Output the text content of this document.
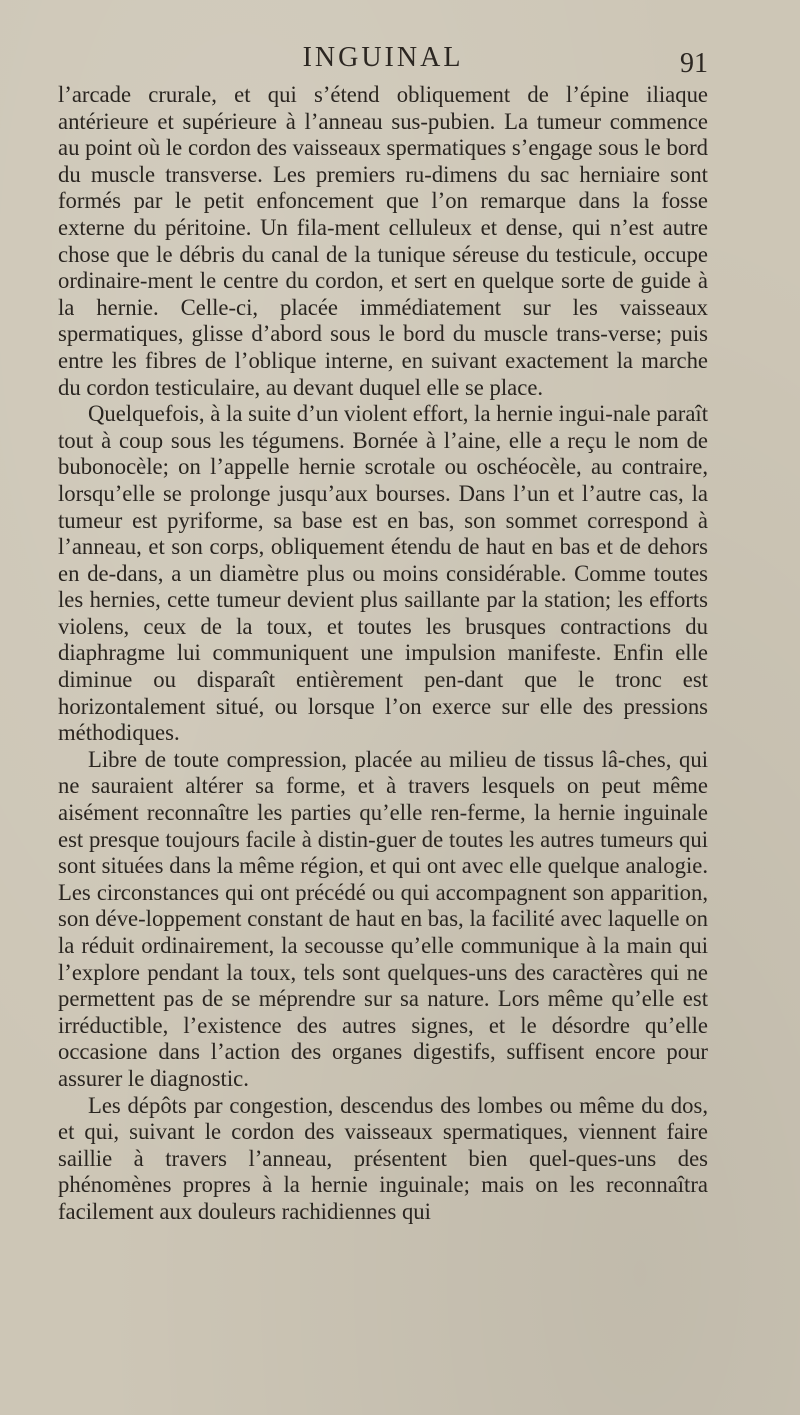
INGUINAL	91

l’arcade crurale, et qui s’étend obliquement de l’épine iliaque antérieure et supérieure à l’anneau sus-pubien. La tumeur commence au point où le cordon des vaisseaux spermatiques s’engage sous le bord du muscle transverse. Les premiers ru-dimens du sac herniaire sont formés par le petit enfoncement que l’on remarque dans la fosse externe du péritoine. Un fila-ment celluleux et dense, qui n’est autre chose que le débris du canal de la tunique séreuse du testicule, occupe ordinaire-ment le centre du cordon, et sert en quelque sorte de guide à la hernie. Celle-ci, placée immédiatement sur les vaisseaux spermatiques, glisse d’abord sous le bord du muscle trans-verse; puis entre les fibres de l’oblique interne, en suivant exactement la marche du cordon testiculaire, au devant duquel elle se place.

Quelquefois, à la suite d’un violent effort, la hernie ingui-nale paraît tout à coup sous les tégumens. Bornée à l’aine, elle a reçu le nom de bubonocèle; on l’appelle hernie scrotale ou oschéocèle, au contraire, lorsqu’elle se prolonge jusqu’aux bourses. Dans l’un et l’autre cas, la tumeur est pyriforme, sa base est en bas, son sommet correspond à l’anneau, et son corps, obliquement étendu de haut en bas et de dehors en de-dans, a un diamètre plus ou moins considérable. Comme toutes les hernies, cette tumeur devient plus saillante par la station; les efforts violens, ceux de la toux, et toutes les brusques contractions du diaphragme lui communiquent une impulsion manifeste. Enfin elle diminue ou disparaît entièrement pen-dant que le tronc est horizontalement situé, ou lorsque l’on exerce sur elle des pressions méthodiques.

Libre de toute compression, placée au milieu de tissus lâ-ches, qui ne sauraient altérer sa forme, et à travers lesquels on peut même aisément reconnaître les parties qu’elle ren-ferme, la hernie inguinale est presque toujours facile à distin-guer de toutes les autres tumeurs qui sont situées dans la même région, et qui ont avec elle quelque analogie. Les circonstances qui ont précédé ou qui accompagnent son apparition, son déve-loppement constant de haut en bas, la facilité avec laquelle on la réduit ordinairement, la secousse qu’elle communique à la main qui l’explore pendant la toux, tels sont quelques-uns des caractères qui ne permettent pas de se méprendre sur sa nature. Lors même qu’elle est irréductible, l’existence des autres signes, et le désordre qu’elle occasione dans l’action des organes digestifs, suffisent encore pour assurer le diagnostic.

Les dépôts par congestion, descendus des lombes ou même du dos, et qui, suivant le cordon des vaisseaux spermatiques, viennent faire saillie à travers l’anneau, présentent bien quel-ques-uns des phénomènes propres à la hernie inguinale; mais on les reconnaîtra facilement aux douleurs rachidiennes qui
